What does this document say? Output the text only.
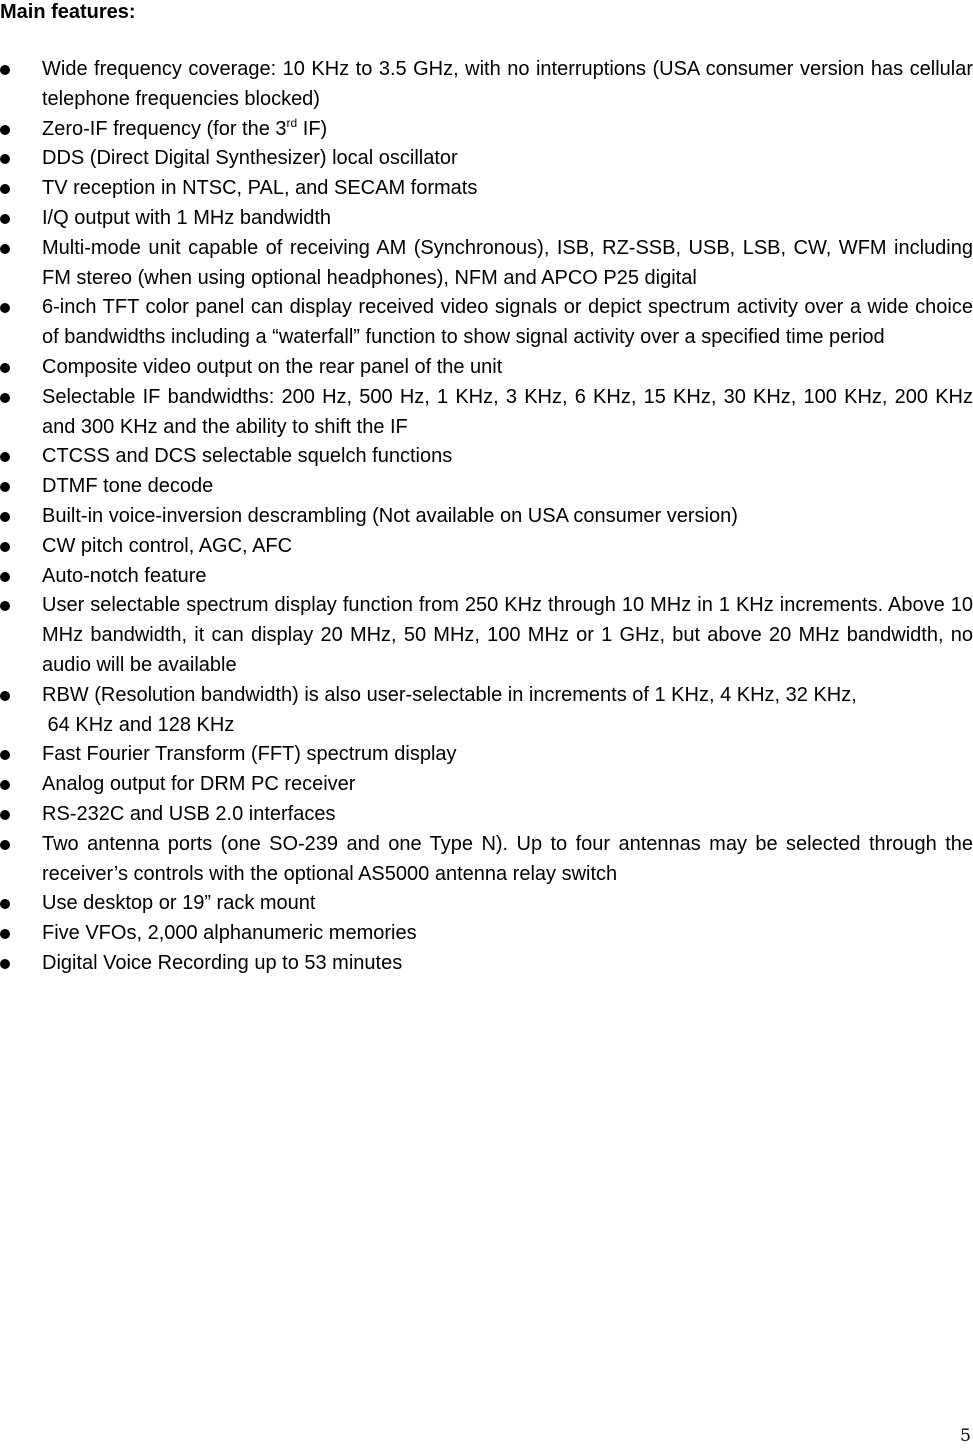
Main features:
Wide frequency coverage: 10 KHz to 3.5 GHz, with no interruptions (USA consumer version has cellular telephone frequencies blocked)
Zero-IF frequency (for the 3rd IF)
DDS (Direct Digital Synthesizer) local oscillator
TV reception in NTSC, PAL, and SECAM formats
I/Q output with 1 MHz bandwidth
Multi-mode unit capable of receiving AM (Synchronous), ISB, RZ-SSB, USB, LSB, CW, WFM including FM stereo (when using optional headphones), NFM and APCO P25 digital
6-inch TFT color panel can display received video signals or depict spectrum activity over a wide choice of bandwidths including a “waterfall” function to show signal activity over a specified time period
Composite video output on the rear panel of the unit
Selectable IF bandwidths: 200 Hz, 500 Hz, 1 KHz, 3 KHz, 6 KHz, 15 KHz, 30 KHz, 100 KHz, 200 KHz and 300 KHz and the ability to shift the IF
CTCSS and DCS selectable squelch functions
DTMF tone decode
Built-in voice-inversion descrambling (Not available on USA consumer version)
CW pitch control, AGC, AFC
Auto-notch feature
User selectable spectrum display function from 250 KHz through 10 MHz in 1 KHz increments. Above 10 MHz bandwidth, it can display 20 MHz, 50 MHz, 100 MHz or 1 GHz, but above 20 MHz bandwidth, no audio will be available
RBW (Resolution bandwidth) is also user-selectable in increments of 1 KHz, 4 KHz, 32 KHz,
64 KHz and 128 KHz
Fast Fourier Transform (FFT) spectrum display
Analog output for DRM PC receiver
RS-232C and USB 2.0 interfaces
Two antenna ports (one SO-239 and one Type N). Up to four antennas may be selected through the receiver’s controls with the optional AS5000 antenna relay switch
Use desktop or 19” rack mount
Five VFOs, 2,000 alphanumeric memories
Digital Voice Recording up to 53 minutes
5
